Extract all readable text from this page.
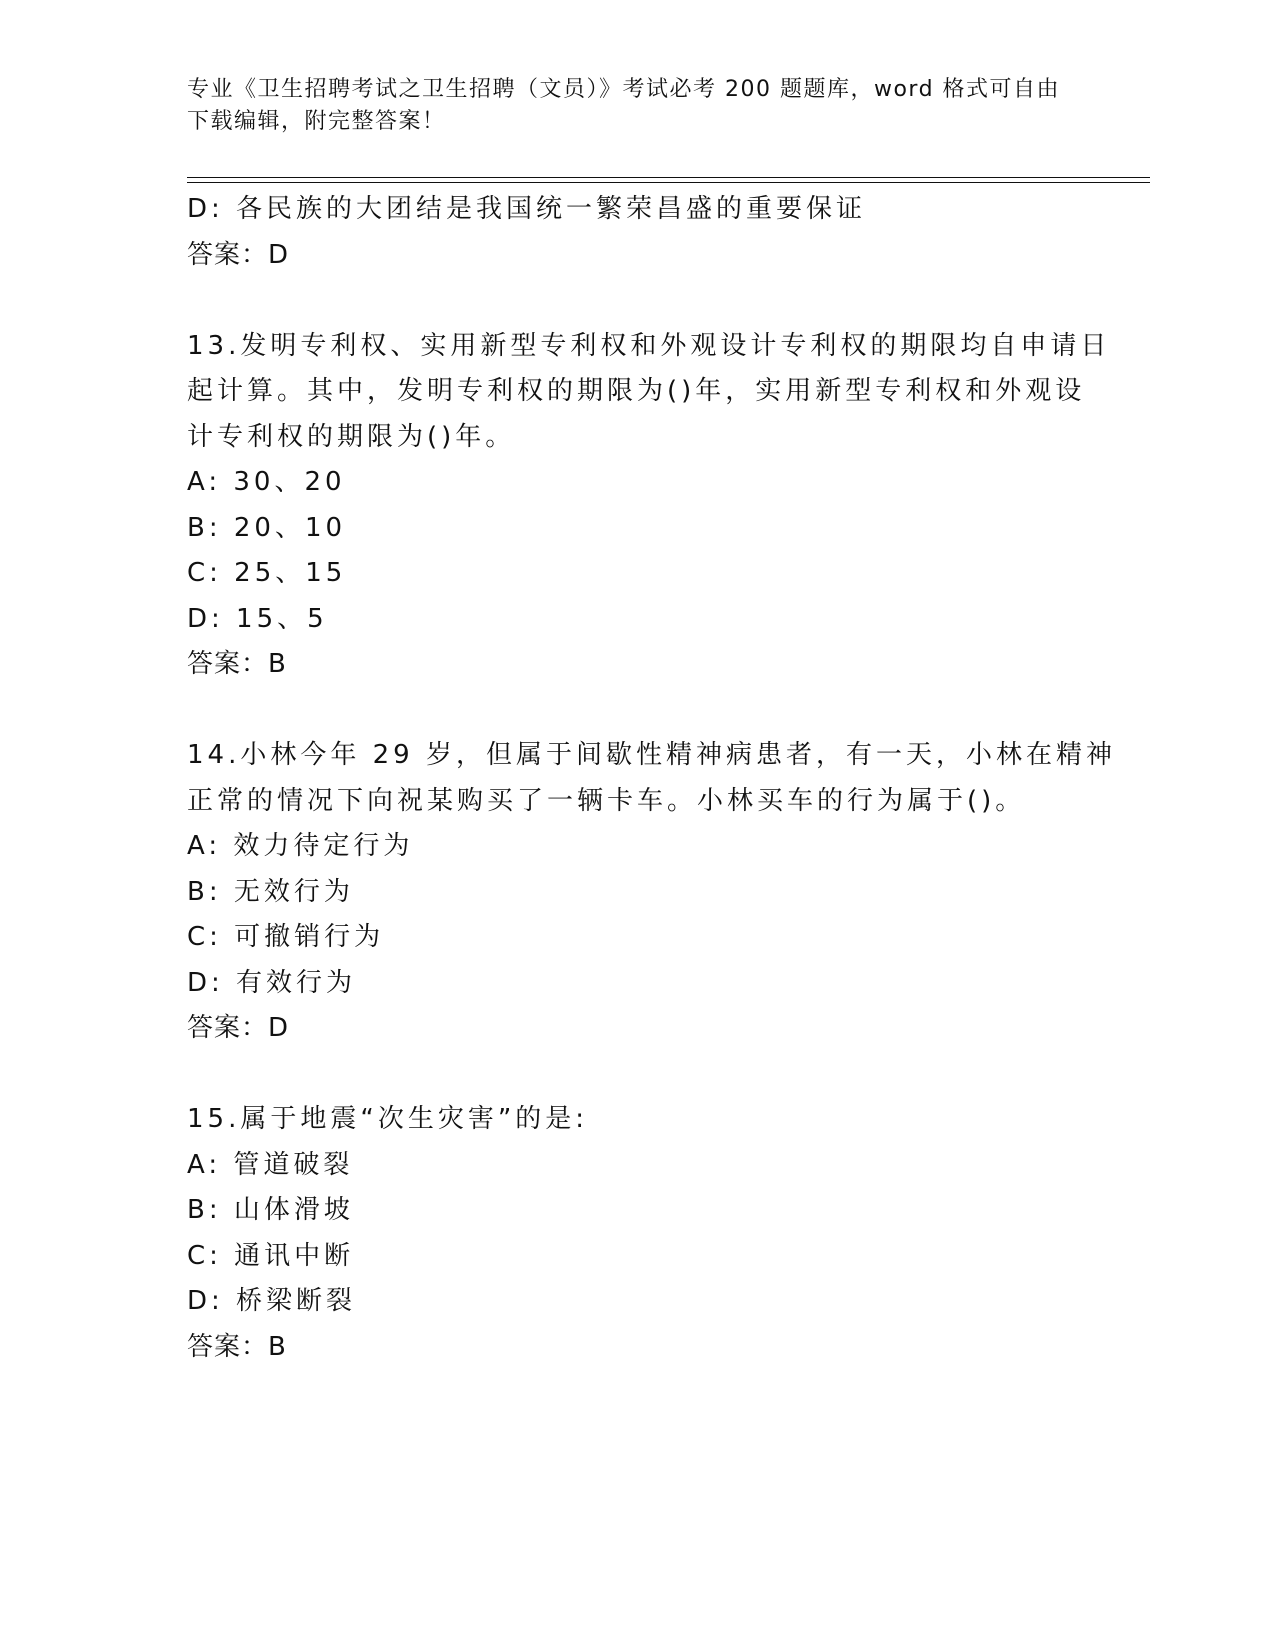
专业《卫生招聘考试之卫生招聘（文员）》考试必考 200 题题库，word 格式可自由下载编辑，附完整答案！
D: 各民族的大团结是我国统一繁荣昌盛的重要保证
答案：D
13.发明专利权、实用新型专利权和外观设计专利权的期限均自申请日
起计算。其中，发明专利权的期限为()年，实用新型专利权和外观设
计专利权的期限为()年。
A: 30、20
B: 20、10
C: 25、15
D: 15、5
答案：B
14.小林今年 29 岁，但属于间歇性精神病患者，有一天，小林在精神
正常的情况下向祝某购买了一辆卡车。小林买车的行为属于()。
A: 效力待定行为
B: 无效行为
C: 可撤销行为
D: 有效行为
答案：D
15.属于地震“次生灾害”的是:
A: 管道破裂
B: 山体滑坡
C: 通讯中断
D: 桥梁断裂
答案：B
